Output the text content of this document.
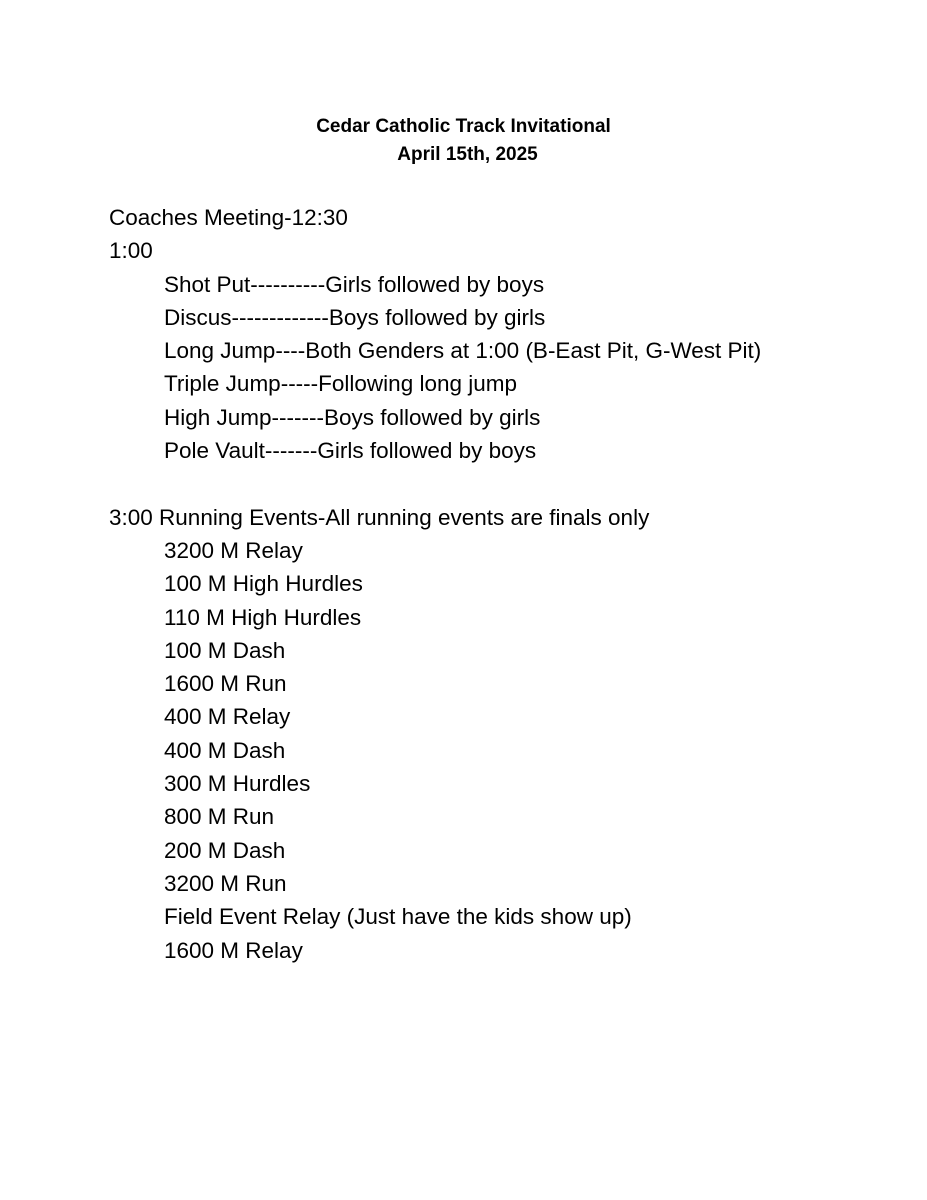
Cedar Catholic Track Invitational
April 15th, 2025
Coaches Meeting-12:30
1:00
Shot Put----------Girls followed by boys
Discus-------------Boys followed by girls
Long Jump----Both Genders at 1:00 (B-East Pit, G-West Pit)
Triple Jump-----Following long jump
High Jump-------Boys followed by girls
Pole Vault-------Girls followed by boys
3:00 Running Events-All running events are finals only
3200 M Relay
100 M High Hurdles
110 M High Hurdles
100 M Dash
1600 M Run
400 M Relay
400 M Dash
300 M Hurdles
800 M Run
200 M Dash
3200 M Run
Field Event Relay (Just have the kids show up)
1600 M Relay
